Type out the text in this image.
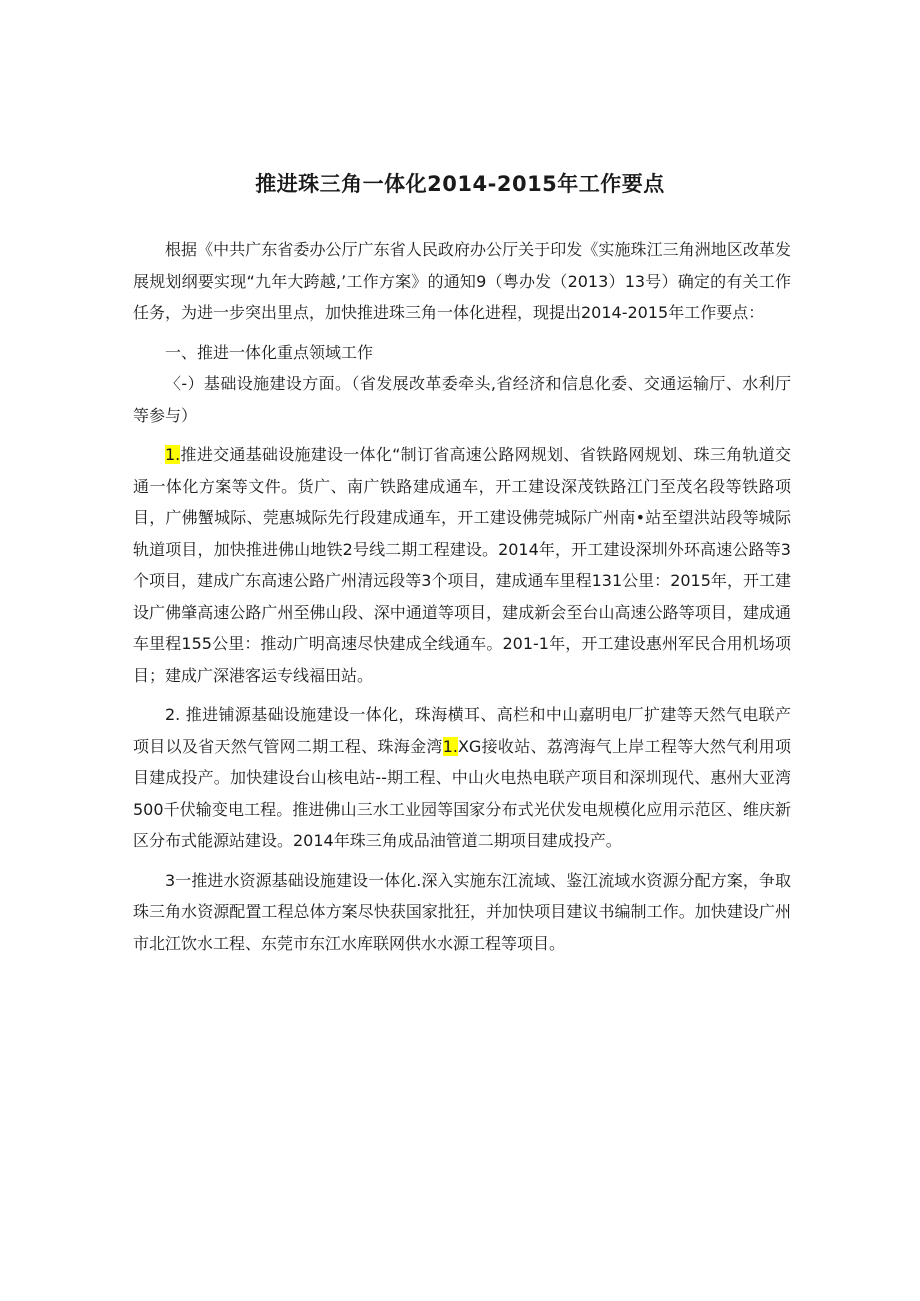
推进珠三角一体化2014-2015年工作要点

根据《中共广东省委办公厅广东省人民政府办公厅关于印发《实施珠江三角洲地区改革发展规划纲要实现“九年大跨越,’工作方案》的通知9（粤办发（2013）13号）确定的有关工作任务，为进一步突出里点，加快推进珠三角一体化进程，现提出2014-2015年工作要点：

一、推进一体化重点领域工作

〈-）基础设施建设方面。（省发展改革委牵头,省经济和信息化委、交通运输厅、水利厅等参与）

1.推进交通基础设施建设一体化“制订省高速公路网规划、省铁路网规划、珠三角轨道交通一体化方案等文件。货广、南广铁路建成通车，开工建设深茂铁路江门至茂名段等铁路项目，广佛蟹城际、莞惠城际先行段建成通车，开工建设佛莞城际广州南•站至望洪站段等城际轨道项目，加快推进佛山地铁2号线二期工程建设。2014年，开工建设深圳外环高速公路等3个项目，建成广东高速公路广州清远段等3个项目，建成通车里程131公里：2015年，开工建设广佛肇高速公路广州至佛山段、深中通道等项目，建成新会至台山高速公路等项目，建成通车里程155公里：推动广明高速尽快建成全线通车。201-1年，开工建设惠州军民合用机场项目；建成广深港客运专线福田站。

2. 推进铺源基础设施建设一体化，珠海横耳、高栏和中山嘉明电厂扩建等天然气电联产项目以及省天然气管网二期工程、珠海金湾1.XG接收站、荔湾海气上岸工程等大然气利用项目建成投产。加快建设台山核电站--期工程、中山火电热电联产项目和深圳现代、惠州大亚湾500千伏输变电工程。推进佛山三水工业园等国家分布式光伏发电规模化应用示范区、维庆新区分布式能源站建设。2014年珠三角成品油管道二期项目建成投产。

3一推进水资源基础设施建设一体化.深入实施东江流域、鉴江流域水资源分配方案，争取珠三角水资源配置工程总体方案尽快获国家批狂，并加快项目建议书编制工作。加快建设广州市北江饮水工程、东莞市东江水库联网供水水源工程等项目。
